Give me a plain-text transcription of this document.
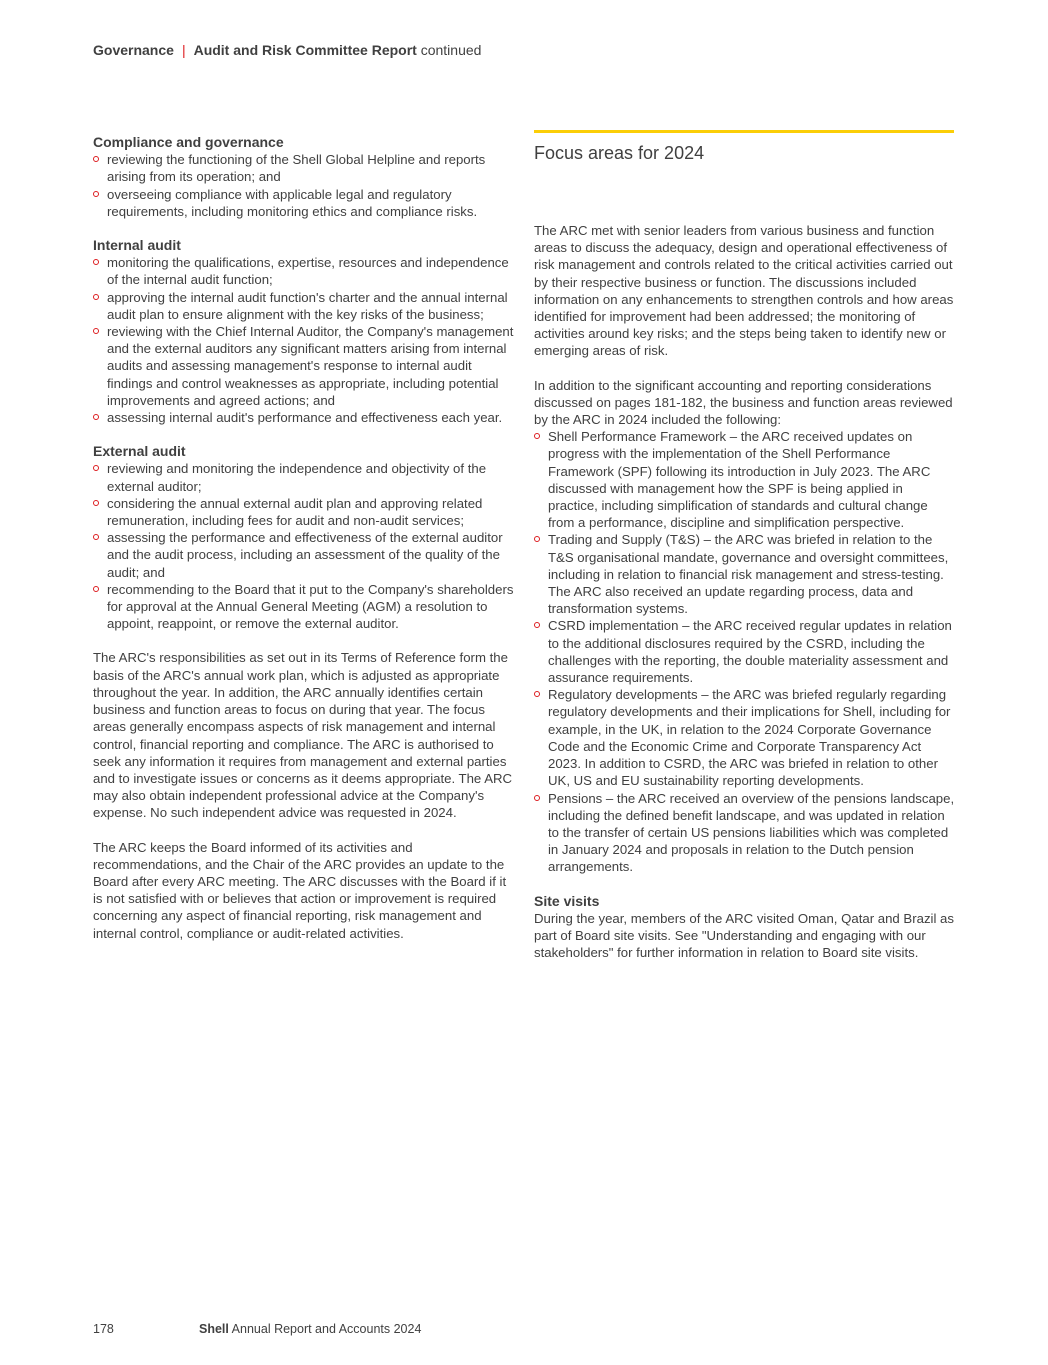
Governance | Audit and Risk Committee Report continued
Compliance and governance
reviewing the functioning of the Shell Global Helpline and reports arising from its operation; and
overseeing compliance with applicable legal and regulatory requirements, including monitoring ethics and compliance risks.
Internal audit
monitoring the qualifications, expertise, resources and independence of the internal audit function;
approving the internal audit function's charter and the annual internal audit plan to ensure alignment with the key risks of the business;
reviewing with the Chief Internal Auditor, the Company's management and the external auditors any significant matters arising from internal audits and assessing management's response to internal audit findings and control weaknesses as appropriate, including potential improvements and agreed actions; and
assessing internal audit's performance and effectiveness each year.
External audit
reviewing and monitoring the independence and objectivity of the external auditor;
considering the annual external audit plan and approving related remuneration, including fees for audit and non-audit services;
assessing the performance and effectiveness of the external auditor and the audit process, including an assessment of the quality of the audit; and
recommending to the Board that it put to the Company's shareholders for approval at the Annual General Meeting (AGM) a resolution to appoint, reappoint, or remove the external auditor.

The ARC's responsibilities as set out in its Terms of Reference form the basis of the ARC's annual work plan, which is adjusted as appropriate throughout the year. In addition, the ARC annually identifies certain business and function areas to focus on during that year. The focus areas generally encompass aspects of risk management and internal control, financial reporting and compliance. The ARC is authorised to seek any information it requires from management and external parties and to investigate issues or concerns as it deems appropriate. The ARC may also obtain independent professional advice at the Company's expense. No such independent advice was requested in 2024.

The ARC keeps the Board informed of its activities and recommendations, and the Chair of the ARC provides an update to the Board after every ARC meeting. The ARC discusses with the Board if it is not satisfied with or believes that action or improvement is required concerning any aspect of financial reporting, risk management and internal control, compliance or audit-related activities.

Focus areas for 2024

The ARC met with senior leaders from various business and function areas to discuss the adequacy, design and operational effectiveness of risk management and controls related to the critical activities carried out by their respective business or function. The discussions included information on any enhancements to strengthen controls and how areas identified for improvement had been addressed; the monitoring of activities around key risks; and the steps being taken to identify new or emerging areas of risk.

In addition to the significant accounting and reporting considerations discussed on pages 181-182, the business and function areas reviewed by the ARC in 2024 included the following:

Shell Performance Framework – the ARC received updates on progress with the implementation of the Shell Performance Framework (SPF) following its introduction in July 2023. The ARC discussed with management how the SPF is being applied in practice, including simplification of standards and cultural change from a performance, discipline and simplification perspective.
Trading and Supply (T&S) – the ARC was briefed in relation to the T&S organisational mandate, governance and oversight committees, including in relation to financial risk management and stress-testing. The ARC also received an update regarding process, data and transformation systems.
CSRD implementation – the ARC received regular updates in relation to the additional disclosures required by the CSRD, including the challenges with the reporting, the double materiality assessment and assurance requirements.
Regulatory developments – the ARC was briefed regularly regarding regulatory developments and their implications for Shell, including for example, in the UK, in relation to the 2024 Corporate Governance Code and the Economic Crime and Corporate Transparency Act 2023. In addition to CSRD, the ARC was briefed in relation to other UK, US and EU sustainability reporting developments.
Pensions – the ARC received an overview of the pensions landscape, including the defined benefit landscape, and was updated in relation to the transfer of certain US pensions liabilities which was completed in January 2024 and proposals in relation to the Dutch pension arrangements.
Site visits

During the year, members of the ARC visited Oman, Qatar and Brazil as part of Board site visits. See "Understanding and engaging with our stakeholders" for further information in relation to Board site visits.

178	Shell Annual Report and Accounts 2024
